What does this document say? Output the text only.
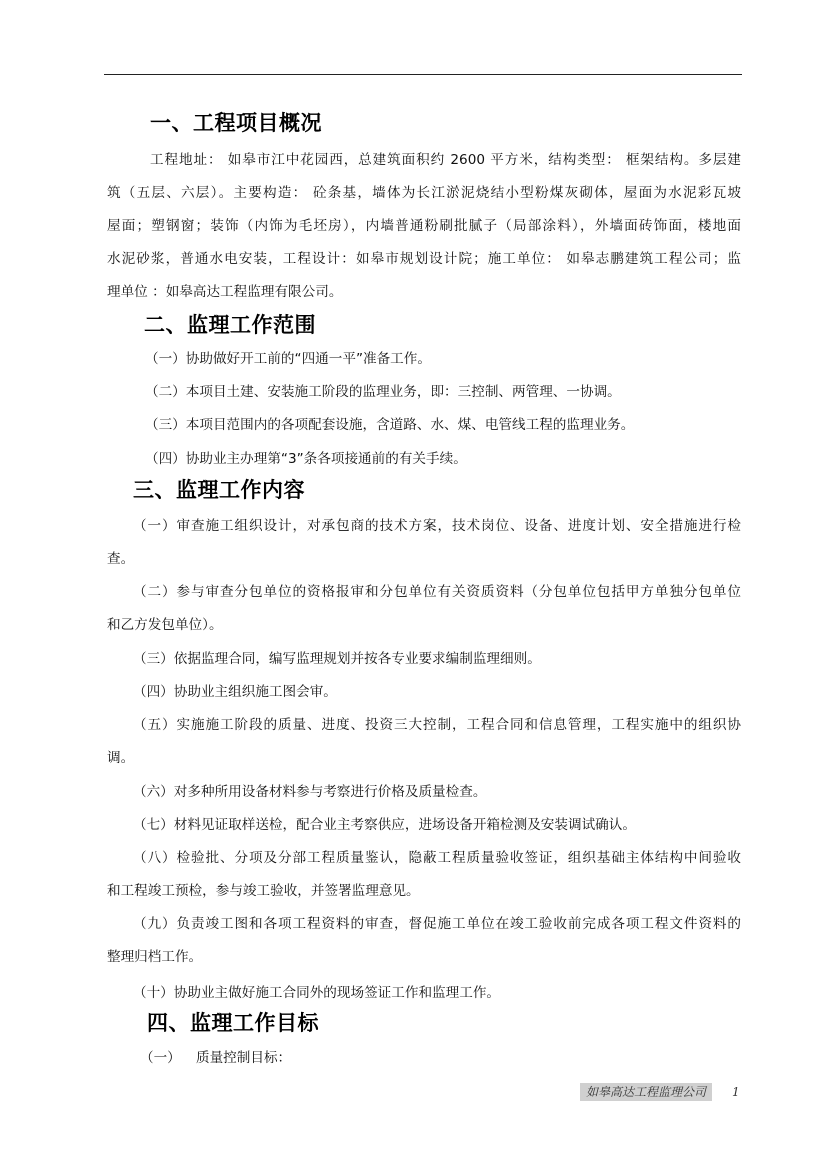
一、工程项目概况
工程地址： 如皋市江中花园西，总建筑面积约 2600 平方米，结构类型： 框架结构。多层建
筑（五层、六层）。主要构造： 砼条基，墙体为长江淤泥烧结小型粉煤灰砌体，屋面为水泥彩瓦坡
屋面；塑钢窗；装饰（内饰为毛坯房），内墙普通粉刷批腻子（局部涂料），外墙面砖饰面，楼地面
水泥砂浆，普通水电安装，工程设计：如皋市规划设计院；施工单位： 如皋志鹏建筑工程公司；监
理单位 ：如皋高达工程监理有限公司。
二、监理工作范围
（一）协助做好开工前的“四通一平”准备工作。
（二）本项目土建、安装施工阶段的监理业务，即：三控制、两管理、一协调。
（三）本项目范围内的各项配套设施，含道路、水、煤、电管线工程的监理业务。
（四）协助业主办理第“3”条各项接通前的有关手续。
三、监理工作内容
（一）审查施工组织设计，对承包商的技术方案，技术岗位、设备、进度计划、安全措施进行检
查。
（二）参与审查分包单位的资格报审和分包单位有关资质资料（分包单位包括甲方单独分包单位
和乙方发包单位）。
（三）依据监理合同，编写监理规划并按各专业要求编制监理细则。
（四）协助业主组织施工图会审。
（五）实施施工阶段的质量、进度、投资三大控制，工程合同和信息管理，工程实施中的组织协
调。
（六）对多种所用设备材料参与考察进行价格及质量检查。
（七）材料见证取样送检，配合业主考察供应，进场设备开箱检测及安装调试确认。
（八）检验批、分项及分部工程质量鉴认，隐蔽工程质量验收签证，组织基础主体结构中间验收
和工程竣工预检，参与竣工验收，并签署监理意见。
（九）负责竣工图和各项工程资料的审查，督促施工单位在竣工验收前完成各项工程文件资料的
整理归档工作。
（十）协助业主做好施工合同外的现场签证工作和监理工作。
四、监理工作目标
（一） 质量控制目标：
如皋高达工程监理公司 1
